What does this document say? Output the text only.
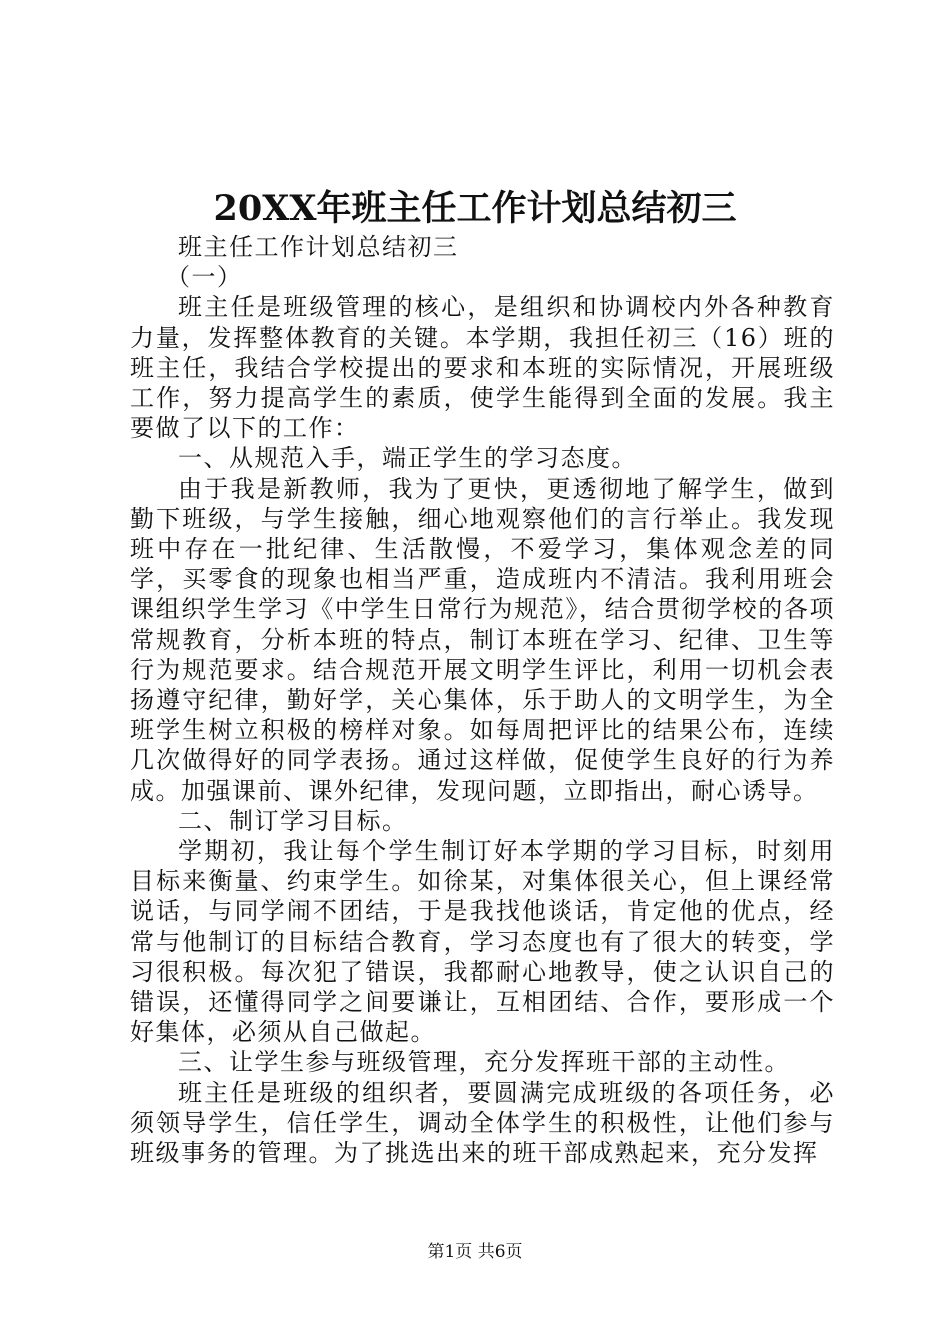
20XX年班主任工作计划总结初三

班主任工作计划总结初三

（一）

班主任是班级管理的核心，是组织和协调校内外各种教育力量，发挥整体教育的关键。本学期，我担任初三（16）班的班主任，我结合学校提出的要求和本班的实际情况，开展班级工作，努力提高学生的素质，使学生能得到全面的发展。我主要做了以下的工作：

一、从规范入手，端正学生的学习态度。

由于我是新教师，我为了更快，更透彻地了解学生，做到勤下班级，与学生接触，细心地观察他们的言行举止。我发现班中存在一批纪律、生活散慢，不爱学习，集体观念差的同学，买零食的现象也相当严重，造成班内不清洁。我利用班会课组织学生学习《中学生日常行为规范》，结合贯彻学校的各项常规教育，分析本班的特点，制订本班在学习、纪律、卫生等行为规范要求。结合规范开展文明学生评比，利用一切机会表扬遵守纪律，勤好学，关心集体，乐于助人的文明学生，为全班学生树立积极的榜样对象。如每周把评比的结果公布，连续几次做得好的同学表扬。通过这样做，促使学生良好的行为养成。加强课前、课外纪律，发现问题，立即指出，耐心诱导。

二、制订学习目标。

学期初，我让每个学生制订好本学期的学习目标，时刻用目标来衡量、约束学生。如徐某，对集体很关心，但上课经常说话，与同学闹不团结，于是我找他谈话，肯定他的优点，经常与他制订的目标结合教育，学习态度也有了很大的转变，学习很积极。每次犯了错误，我都耐心地教导，使之认识自己的错误，还懂得同学之间要谦让，互相团结、合作，要形成一个好集体，必须从自己做起。

三、让学生参与班级管理，充分发挥班干部的主动性。

班主任是班级的组织者，要圆满完成班级的各项任务，必须领导学生，信任学生，调动全体学生的积极性，让他们参与班级事务的管理。为了挑选出来的班干部成熟起来，充分发挥

第1页 共6页
